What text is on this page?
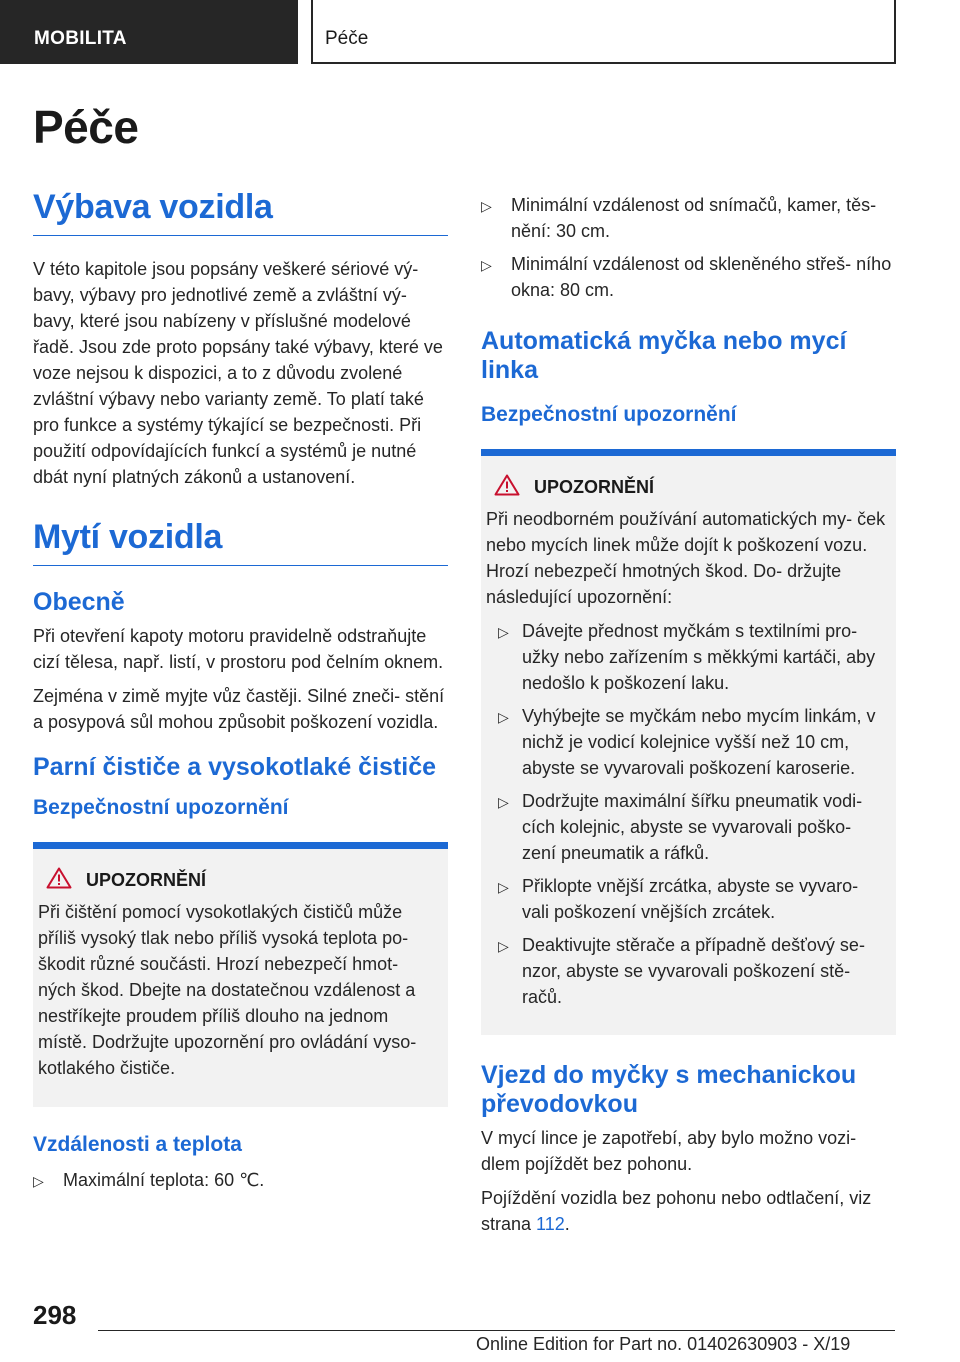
MOBILITA	Péče
Péče
Výbava vozidla

V této kapitole jsou popsány veškeré sériové vý- bavy, výbavy pro jednotlivé země a zvláštní vý- bavy, které jsou nabízeny v příslušné modelové řadě. Jsou zde proto popsány také výbavy, které ve voze nejsou k dispozici, a to z důvodu zvolené zvláštní výbavy nebo varianty země. To platí také pro funkce a systémy týkající se bezpečnosti. Při použití odpovídajících funkcí a systémů je nutné dbát nyní platných zákonů a ustanovení.

Mytí vozidla
Obecně

Při otevření kapoty motoru pravidelně odstraňujte cizí tělesa, např. listí, v prostoru pod čelním oknem.

Zejména v zimě myjte vůz častěji. Silné zneči- stění a posypová sůl mohou způsobit poškození vozidla.

Parní čističe a vysokotlaké čističe
Bezpečnostní upozornění
UPOZORNĚNÍ

Při čištění pomocí vysokotlakých čističů může příliš vysoký tlak nebo příliš vysoká teplota po- škodit různé součásti. Hrozí nebezpečí hmot- ných škod. Dbejte na dostatečnou vzdálenost a nestříkejte proudem příliš dlouho na jednom místě. Dodržujte upozornění pro ovládání vyso- kotlakého čističe.

Vzdálenosti a teplota
▷ Maximální teplota: 60 ℃.
▷ Minimální vzdálenost od snímačů, kamer, těs- nění: 30 cm.
▷ Minimální vzdálenost od skleněného střeš- ního okna: 80 cm.
Automatická myčka nebo mycí linka
Bezpečnostní upozornění
UPOZORNĚNÍ

Při neodborném používání automatických my- ček nebo mycích linek může dojít k poškození vozu. Hrozí nebezpečí hmotných škod. Do- držujte následující upozornění:

▷ Dávejte přednost myčkám s textilními pro- užky nebo zařízením s měkkými kartáči, aby nedošlo k poškození laku.
▷ Vyhýbejte se myčkám nebo mycím linkám, v nichž je vodicí kolejnice vyšší než 10 cm, abyste se vyvarovali poškození karoserie.
▷ Dodržujte maximální šířku pneumatik vodi- cích kolejnic, abyste se vyvarovali poško- zení pneumatik a ráfků.
▷ Přiklopte vnější zrcátka, abyste se vyvaro- vali poškození vnějších zrcátek.
▷ Deaktivujte stěrače a případně dešťový se- nzor, abyste se vyvarovali poškození stě- račů.
Vjezd do myčky s mechanickou převodovkou

V mycí lince je zapotřebí, aby bylo možno vozi- dlem pojíždět bez pohonu.

Pojíždění vozidla bez pohonu nebo odtlačení, viz strana 112.

298
Online Edition for Part no. 01402630903 - X/19
